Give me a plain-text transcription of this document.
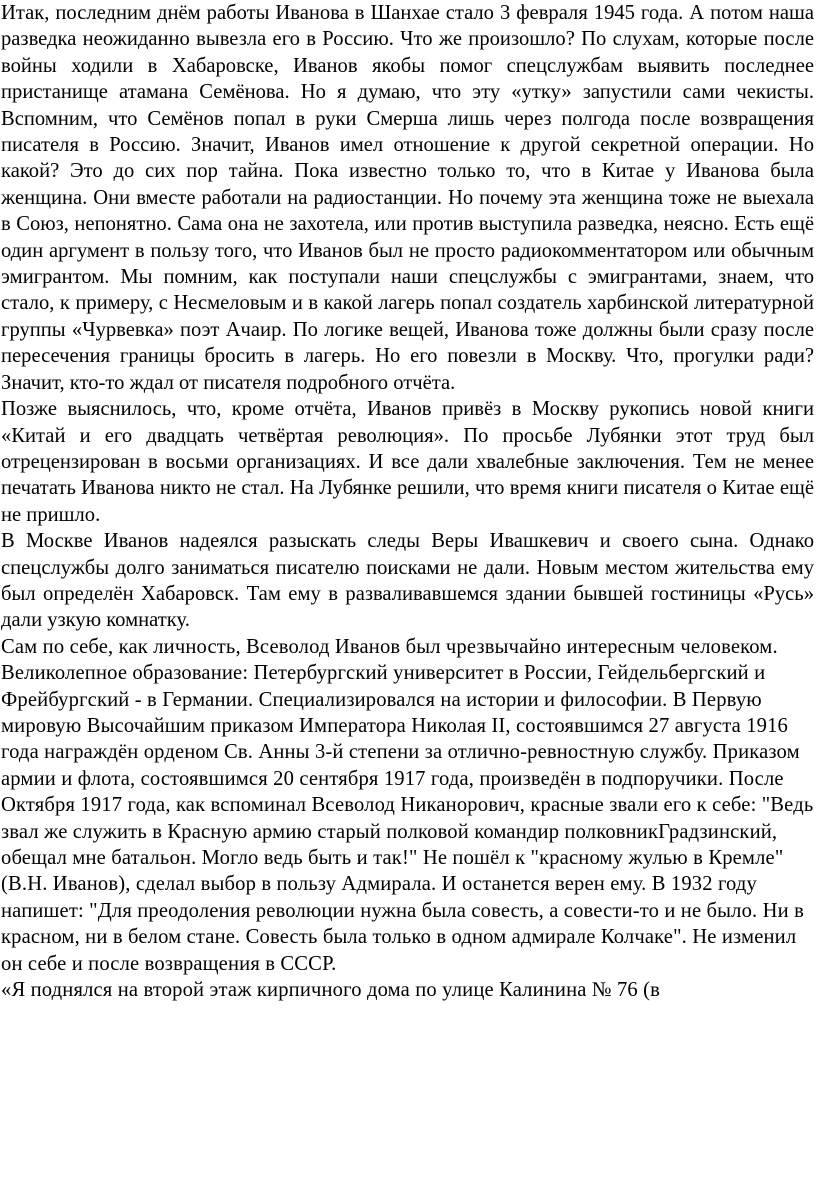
Итак, последним днём работы Иванова в Шанхае стало 3 февраля 1945 года. А потом наша разведка неожиданно вывезла его в Россию. Что же произошло? По слухам, которые после войны ходили в Хабаровске, Иванов якобы помог спецслужбам выявить последнее пристанище атамана Семёнова. Но я думаю, что эту «утку» запустили сами чекисты. Вспомним, что Семёнов попал в руки Смерша лишь через полгода после возвращения писателя в Россию. Значит, Иванов имел отношение к другой секретной операции. Но какой? Это до сих пор тайна. Пока известно только то, что в Китае у Иванова была женщина. Они вместе работали на радиостанции. Но почему эта женщина тоже не выехала в Союз, непонятно. Сама она не захотела, или против выступила разведка, неясно. Есть ещё один аргумент в пользу того, что Иванов был не просто радиокомментатором или обычным эмигрантом. Мы помним, как поступали наши спецслужбы с эмигрантами, знаем, что стало, к примеру, с Несмеловым и в какой лагерь попал создатель харбинской литературной группы «Чурвевка» поэт Ачаир. По логике вещей, Иванова тоже должны были сразу после пересечения границы бросить в лагерь. Но его повезли в Москву. Что, прогулки ради? Значит, кто-то ждал от писателя подробного отчёта.

Позже выяснилось, что, кроме отчёта, Иванов привёз в Москву рукопись новой книги «Китай и его двадцать четвёртая революция». По просьбе Лубянки этот труд был отрецензирован в восьми организациях. И все дали хвалебные заключения. Тем не менее печатать Иванова никто не стал. На Лубянке решили, что время книги писателя о Китае ещё не пришло.

В Москве Иванов надеялся разыскать следы Веры Ивашкевич и своего сына. Однако спецслужбы долго заниматься писателю поисками не дали. Новым местом жительства ему был определён Хабаровск. Там ему в разваливавшемся здании бывшей гостиницы «Русь» дали узкую комнатку.

Сам по себе, как личность, Всеволод Иванов был чрезвычайно интересным человеком. Великолепное образование: Петербургский университет в России, Гейдельбергский и Фрейбургский - в Германии. Специализировался на истории и философии. В Первую мировую Высочайшим приказом Императора Николая II, состоявшимся 27 августа 1916 года награждён орденом Св. Анны 3-й степени за отлично-ревностную службу. Приказом армии и флота, состоявшимся 20 сентября 1917 года, произведён в подпоручики. После Октября 1917 года, как вспоминал Всеволод Никанорович, красные звали его к себе: "Ведь звал же служить в Красную армию старый полковой командир полковникГрадзинский, обещал мне батальон. Могло ведь быть и так!" Не пошёл к "красному жулью в Кремле" (В.Н. Иванов), сделал выбор в пользу Адмирала. И останется верен ему. В 1932 году напишет: "Для преодоления революции нужна была совесть, а совести-то и не было. Ни в красном, ни в белом стане. Совесть была только в одном адмирале Колчаке". Не изменил он себе и после возвращения в СССР.

«Я поднялся на второй этаж кирпичного дома по улице Калинина № 76 (в
